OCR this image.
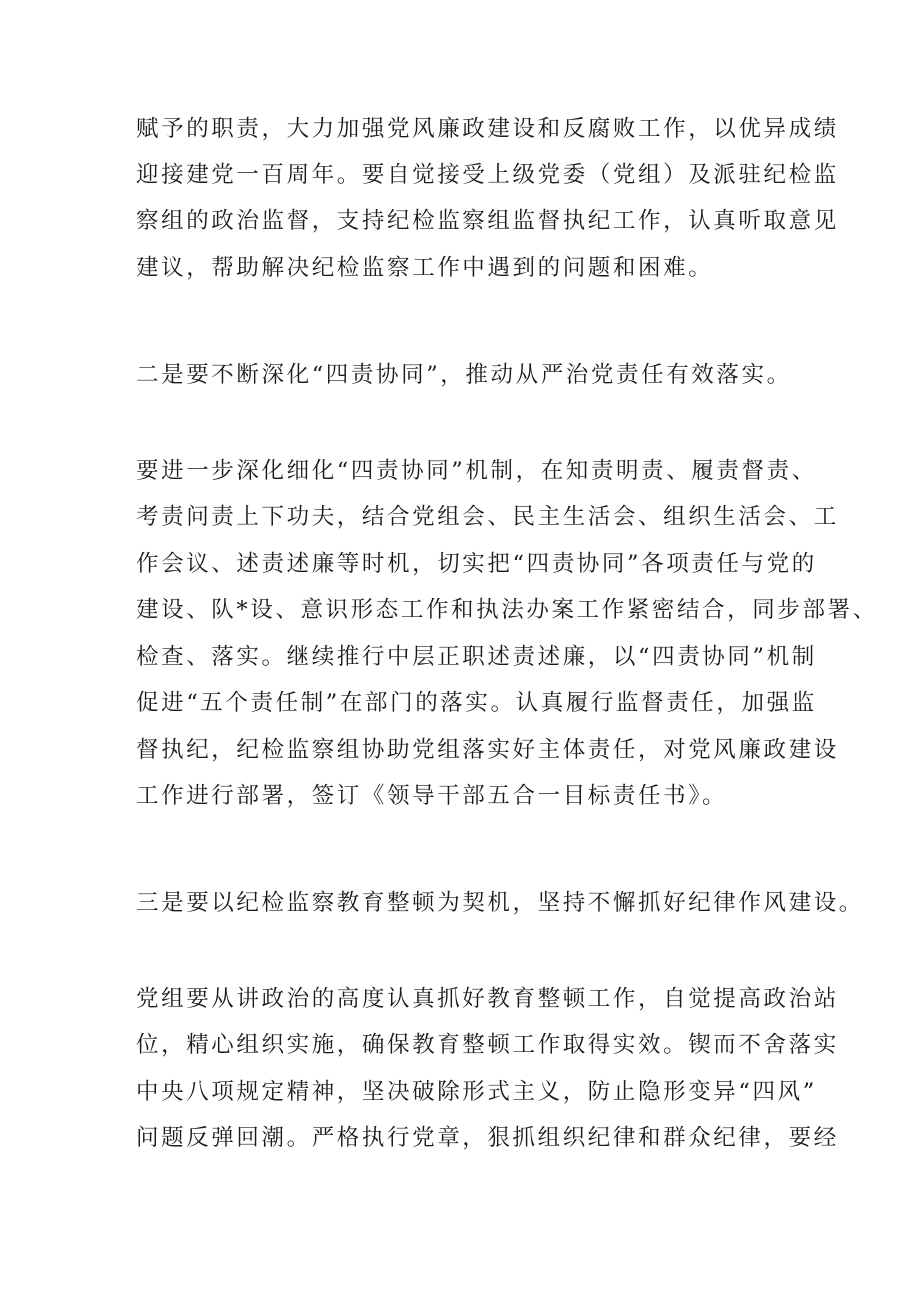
赋予的职责，大力加强党风廉政建设和反腐败工作，以优异成绩
迎接建党一百周年。要自觉接受上级党委（党组）及派驻纪检监
察组的政治监督，支持纪检监察组监督执纪工作，认真听取意见
建议，帮助解决纪检监察工作中遇到的问题和困难。
二是要不断深化“四责协同”，推动从严治党责任有效落实。
要进一步深化细化“四责协同”机制，在知责明责、履责督责、
考责问责上下功夫，结合党组会、民主生活会、组织生活会、工
作会议、述责述廉等时机，切实把“四责协同”各项责任与党的
建设、队*设、意识形态工作和执法办案工作紧密结合，同步部署、
检查、落实。继续推行中层正职述责述廉，以“四责协同”机制
促进“五个责任制”在部门的落实。认真履行监督责任，加强监
督执纪，纪检监察组协助党组落实好主体责任，对党风廉政建设
工作进行部署，签订《领导干部五合一目标责任书》。
三是要以纪检监察教育整顿为契机，坚持不懈抓好纪律作风建设。
党组要从讲政治的高度认真抓好教育整顿工作，自觉提高政治站
位，精心组织实施，确保教育整顿工作取得实效。锲而不舍落实
中央八项规定精神，坚决破除形式主义，防止隐形变异“四风”
问题反弹回潮。严格执行党章，狠抓组织纪律和群众纪律，要经
